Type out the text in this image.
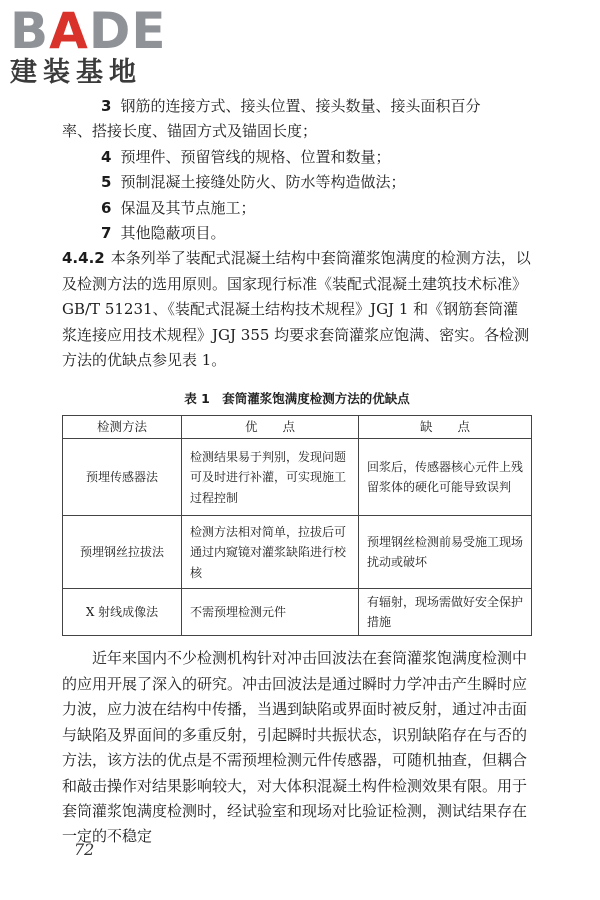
BADE
建装基地

3 钢筋的连接方式、接头位置、接头数量、接头面积百分

率、搭接长度、锚固方式及锚固长度；

4 预埋件、预留管线的规格、位置和数量；

5 预制混凝土接缝处防火、防水等构造做法；

6 保温及其节点施工；

7 其他隐蔽项目。

4.4.2 本条列举了装配式混凝土结构中套筒灌浆饱满度的检测方法，以及检测方法的选用原则。国家现行标准《装配式混凝土建筑技术标准》GB/T 51231、《装配式混凝土结构技术规程》JGJ 1 和《钢筋套筒灌浆连接应用技术规程》JGJ 355 均要求套筒灌浆应饱满、密实。各检测方法的优缺点参见表 1。

表 1　套筒灌浆饱满度检测方法的优缺点
检测方法	优　　点	缺　　点
预埋传感器法	检测结果易于判别，发现问题可及时进行补灌，可实现施工过程控制	回浆后，传感器核心元件上残留浆体的硬化可能导致误判
预埋钢丝拉拔法	检测方法相对简单，拉拔后可通过内窥镜对灌浆缺陷进行校核	预埋钢丝检测前易受施工现场扰动或破坏
X 射线成像法	不需预埋检测元件	有辐射，现场需做好安全保护措施

近年来国内不少检测机构针对冲击回波法在套筒灌浆饱满度检测中的应用开展了深入的研究。冲击回波法是通过瞬时力学冲击产生瞬时应力波，应力波在结构中传播，当遇到缺陷或界面时被反射，通过冲击面与缺陷及界面间的多重反射，引起瞬时共振状态，识别缺陷存在与否的方法，该方法的优点是不需预埋检测元件传感器，可随机抽查，但耦合和敲击操作对结果影响较大，对大体积混凝土构件检测效果有限。用于套筒灌浆饱满度检测时，经试验室和现场对比验证检测，测试结果存在一定的不稳定

72
